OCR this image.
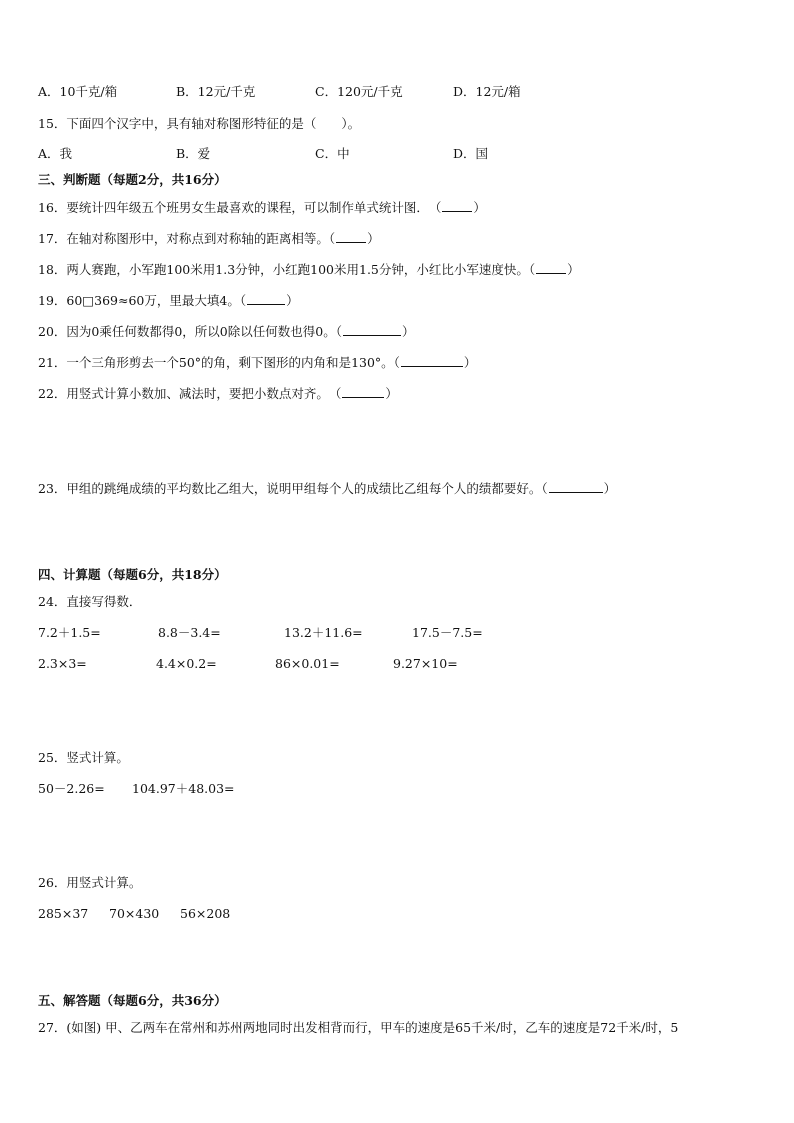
A．10千克/箱	B．12元/千克	C．120元/千克	D．12元/箱
15．下面四个汉字中，具有轴对称图形特征的是（　　）。
A．我	B．爱	C．中	D．国
三、判断题（每题2分，共16分）
16．要统计四年级五个班男女生最喜欢的课程，可以制作单式统计图．　（	）
17．在轴对称图形中，对称点到对称轴的距离相等。（	）
18．两人赛跑，小军跑100米用1.3分钟，小红跑100米用1.5分钟，小红比小军速度快。（	）
19．60□369≈60万，里最大填4。（	）
20．因为0乘任何数都得0，所以0除以任何数也得0。（	）
21．一个三角形剪去一个50°的角，剩下图形的内角和是130°。（	）
22．用竖式计算小数加、减法时，要把小数点对齐。　（	）
23．甲组的跳绳成绩的平均数比乙组大，说明甲组每个人的成绩比乙组每个人的绩都要好。（	）
四、计算题（每题6分，共18分）
24．直接写得数．
7.2＋1.5=	8.8－3.4=	13.2＋11.6=	17.5－7.5=
2.3×3=	4.4×0.2=	86×0.01=	9.27×10=
25．竖式计算。
50－2.26= 104.97＋48.03=
26．用竖式计算。
285×37 70×430 56×208
五、解答题（每题6分，共36分）
27．(如图) 甲、乙两车在常州和苏州两地同时出发相背而行，甲车的速度是65千米/时，乙车的速度是72千米/时，5
